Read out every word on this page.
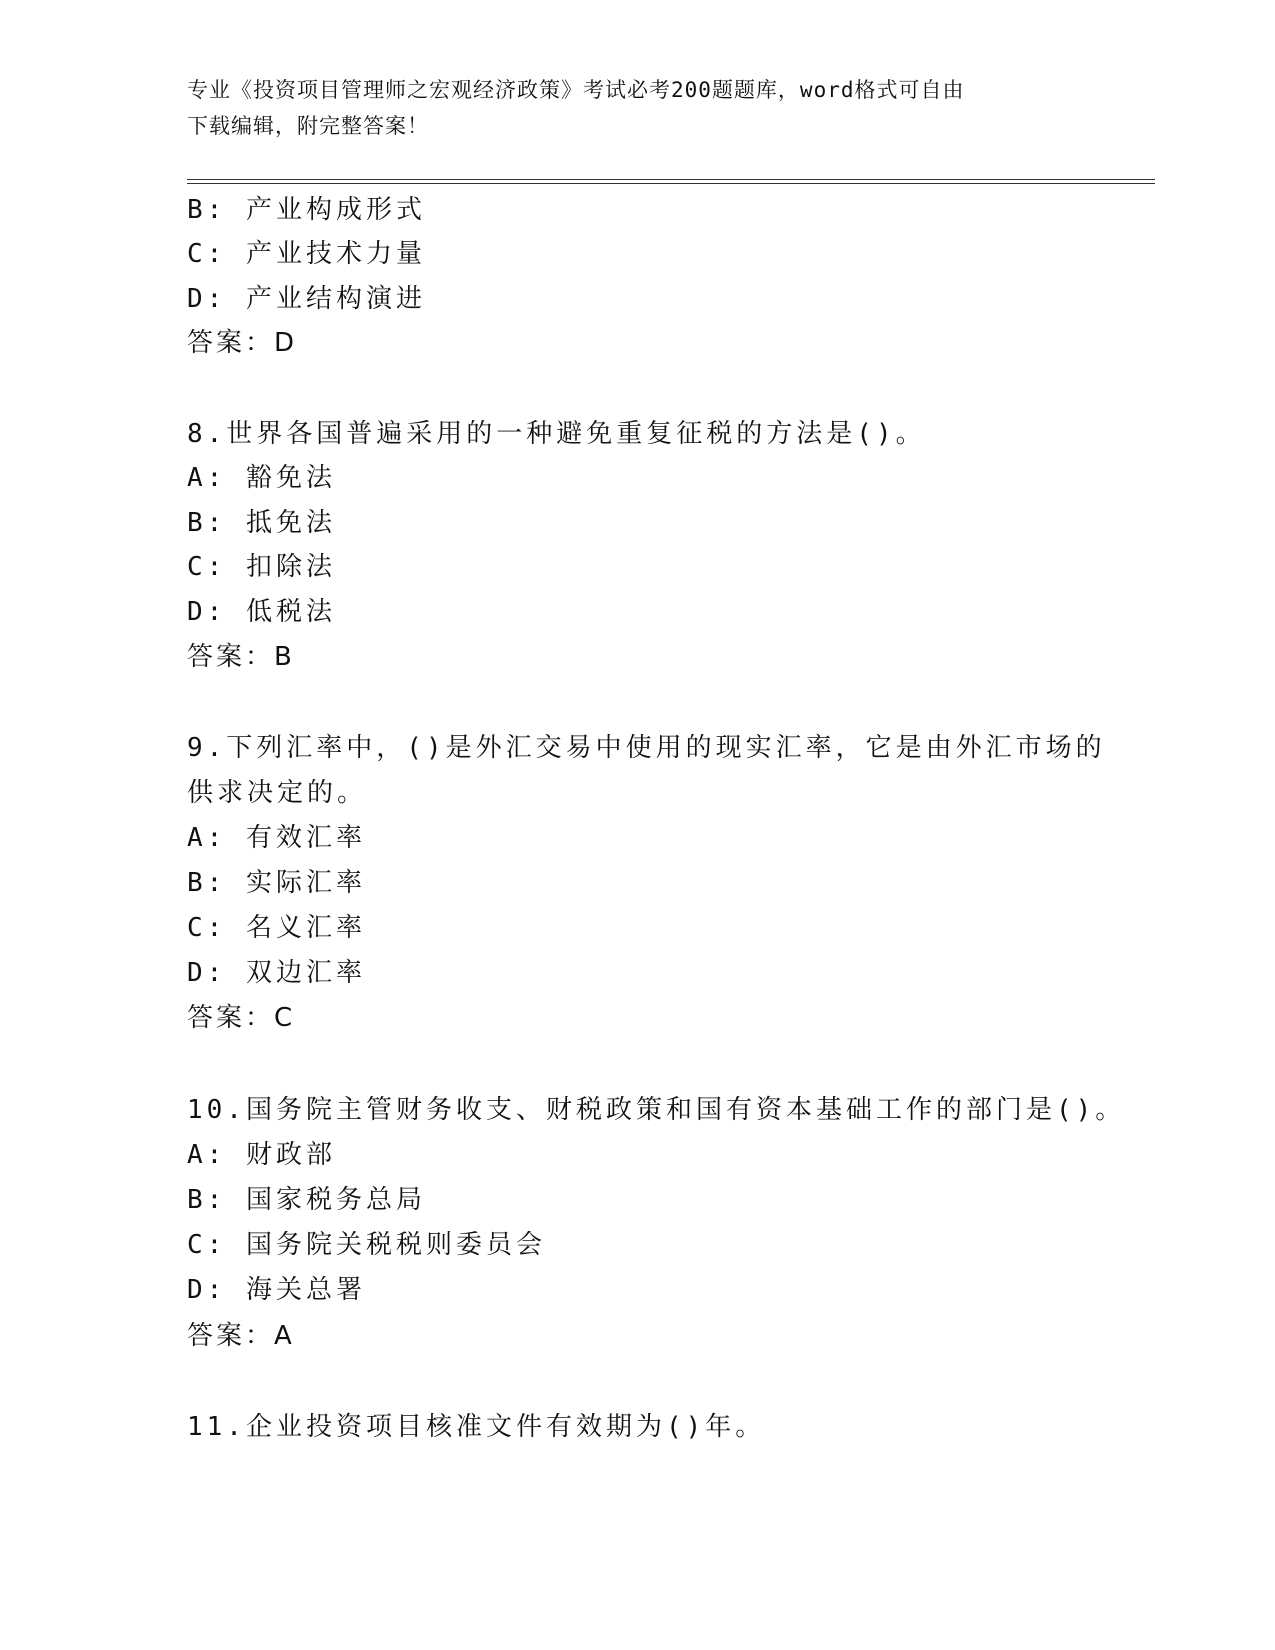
专业《投资项目管理师之宏观经济政策》考试必考200题题库，word格式可自由
下载编辑，附完整答案！
B: 产业构成形式
C: 产业技术力量
D: 产业结构演进
答案：D
8.世界各国普遍采用的一种避免重复征税的方法是()。
A: 豁免法
B: 抵免法
C: 扣除法
D: 低税法
答案：B
9.下列汇率中，()是外汇交易中使用的现实汇率，它是由外汇市场的
供求决定的。
A: 有效汇率
B: 实际汇率
C: 名义汇率
D: 双边汇率
答案：C
10.国务院主管财务收支、财税政策和国有资本基础工作的部门是()。
A: 财政部
B: 国家税务总局
C: 国务院关税税则委员会
D: 海关总署
答案：A
11.企业投资项目核准文件有效期为()年。
